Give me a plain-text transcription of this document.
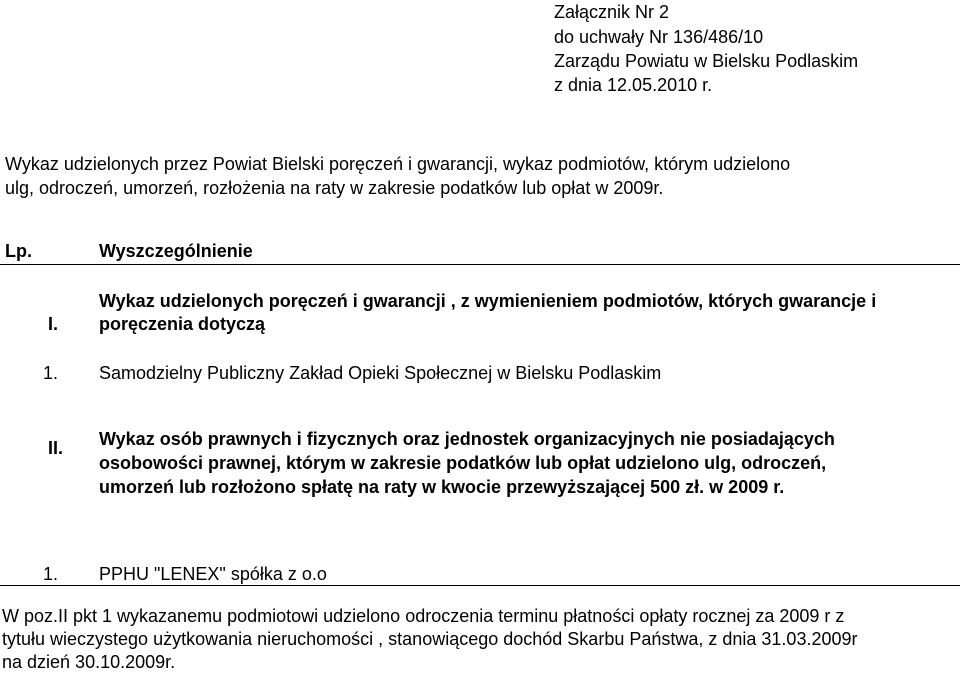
Załącznik Nr 2
do uchwały Nr 136/486/10
Zarządu Powiatu w Bielsku Podlaskim
z dnia 12.05.2010 r.
Wykaz udzielonych przez Powiat Bielski poręczeń i gwarancji, wykaz podmiotów, którym udzielono
ulg, odroczeń, umorzeń, rozłożenia na raty w zakresie podatków lub opłat w 2009r.
Lp.	Wyszczególnienie
I.
Wykaz udzielonych poręczeń i gwarancji , z wymienieniem podmiotów, których gwarancje i
poręczenia dotyczą
1. Samodzielny Publiczny Zakład Opieki Społecznej w Bielsku Podlaskim
II. Wykaz osób prawnych i fizycznych oraz jednostek organizacyjnych nie posiadających
osobowości prawnej, którym w zakresie podatków lub opłat udzielono ulg, odroczeń,
umorzeń lub rozłożono spłatę na raty w kwocie przewyższającej 500 zł. w 2009 r.
1. PPHU "LENEX" spółka z o.o
W poz.II pkt 1 wykazanemu podmiotowi udzielono odroczenia terminu płatności opłaty rocznej za 2009 r z
tytułu wieczystego użytkowania nieruchomości , stanowiącego dochód Skarbu Państwa, z dnia 31.03.2009r
na dzień 30.10.2009r.
